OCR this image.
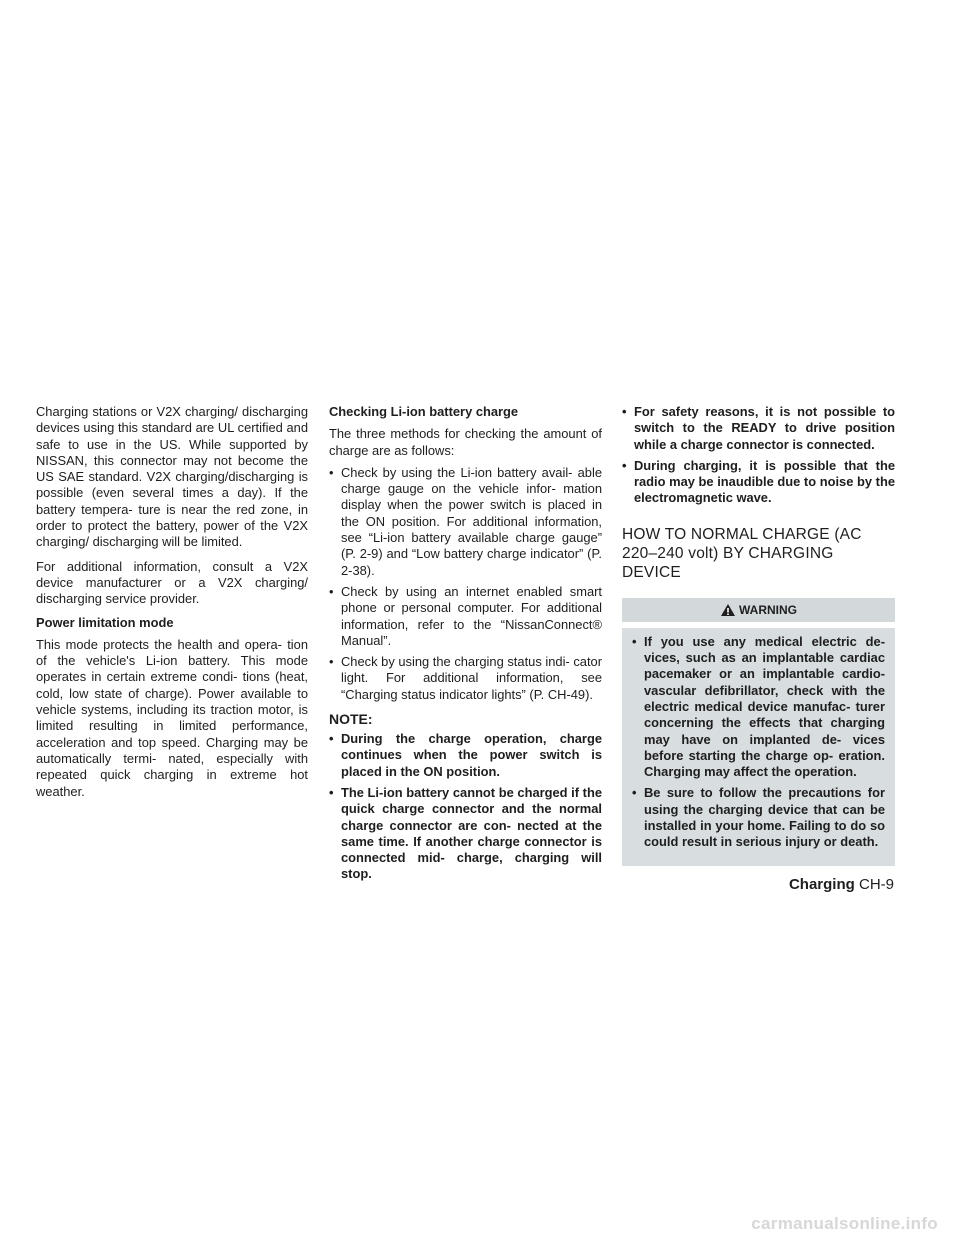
Charging stations or V2X charging/ discharging devices using this standard are UL certified and safe to use in the US. While supported by NISSAN, this connector may not become the US SAE standard. V2X charging/discharging is possible (even several times a day). If the battery tempera- ture is near the red zone, in order to protect the battery, power of the V2X charging/ discharging will be limited.

For additional information, consult a V2X device manufacturer or a V2X charging/ discharging service provider.

Power limitation mode

This mode protects the health and opera- tion of the vehicle's Li-ion battery. This mode operates in certain extreme condi- tions (heat, cold, low state of charge). Power available to vehicle systems, including its traction motor, is limited resulting in limited performance, acceleration and top speed. Charging may be automatically termi- nated, especially with repeated quick charging in extreme hot weather.

Checking Li-ion battery charge

The three methods for checking the amount of charge are as follows:

• Check by using the Li-ion battery avail- able charge gauge on the vehicle infor- mation display when the power switch is placed in the ON position. For additional information, see “Li-ion battery available charge gauge” (P. 2-9) and “Low battery charge indicator” (P. 2-38).
• Check by using an internet enabled smart phone or personal computer. For additional information, refer to the “NissanConnect® Manual”.
• Check by using the charging status indi- cator light. For additional information, see “Charging status indicator lights” (P. CH-49).
NOTE:
• During the charge operation, charge continues when the power switch is placed in the ON position.
• The Li-ion battery cannot be charged if the quick charge connector and the normal charge connector are con- nected at the same time. If another charge connector is connected mid- charge, charging will stop.
• For safety reasons, it is not possible to switch to the READY to drive position while a charge connector is connected.
• During charging, it is possible that the radio may be inaudible due to noise by the electromagnetic wave.
HOW TO NORMAL CHARGE (AC 220–240 volt) BY CHARGING DEVICE
WARNING
• If you use any medical electric de- vices, such as an implantable cardiac pacemaker or an implantable cardio- vascular defibrillator, check with the electric medical device manufac- turer concerning the effects that charging may have on implanted de- vices before starting the charge op- eration. Charging may affect the operation.
• Be sure to follow the precautions for using the charging device that can be installed in your home. Failing to do so could result in serious injury or death.
Charging CH-9
carmanualsonline.info
